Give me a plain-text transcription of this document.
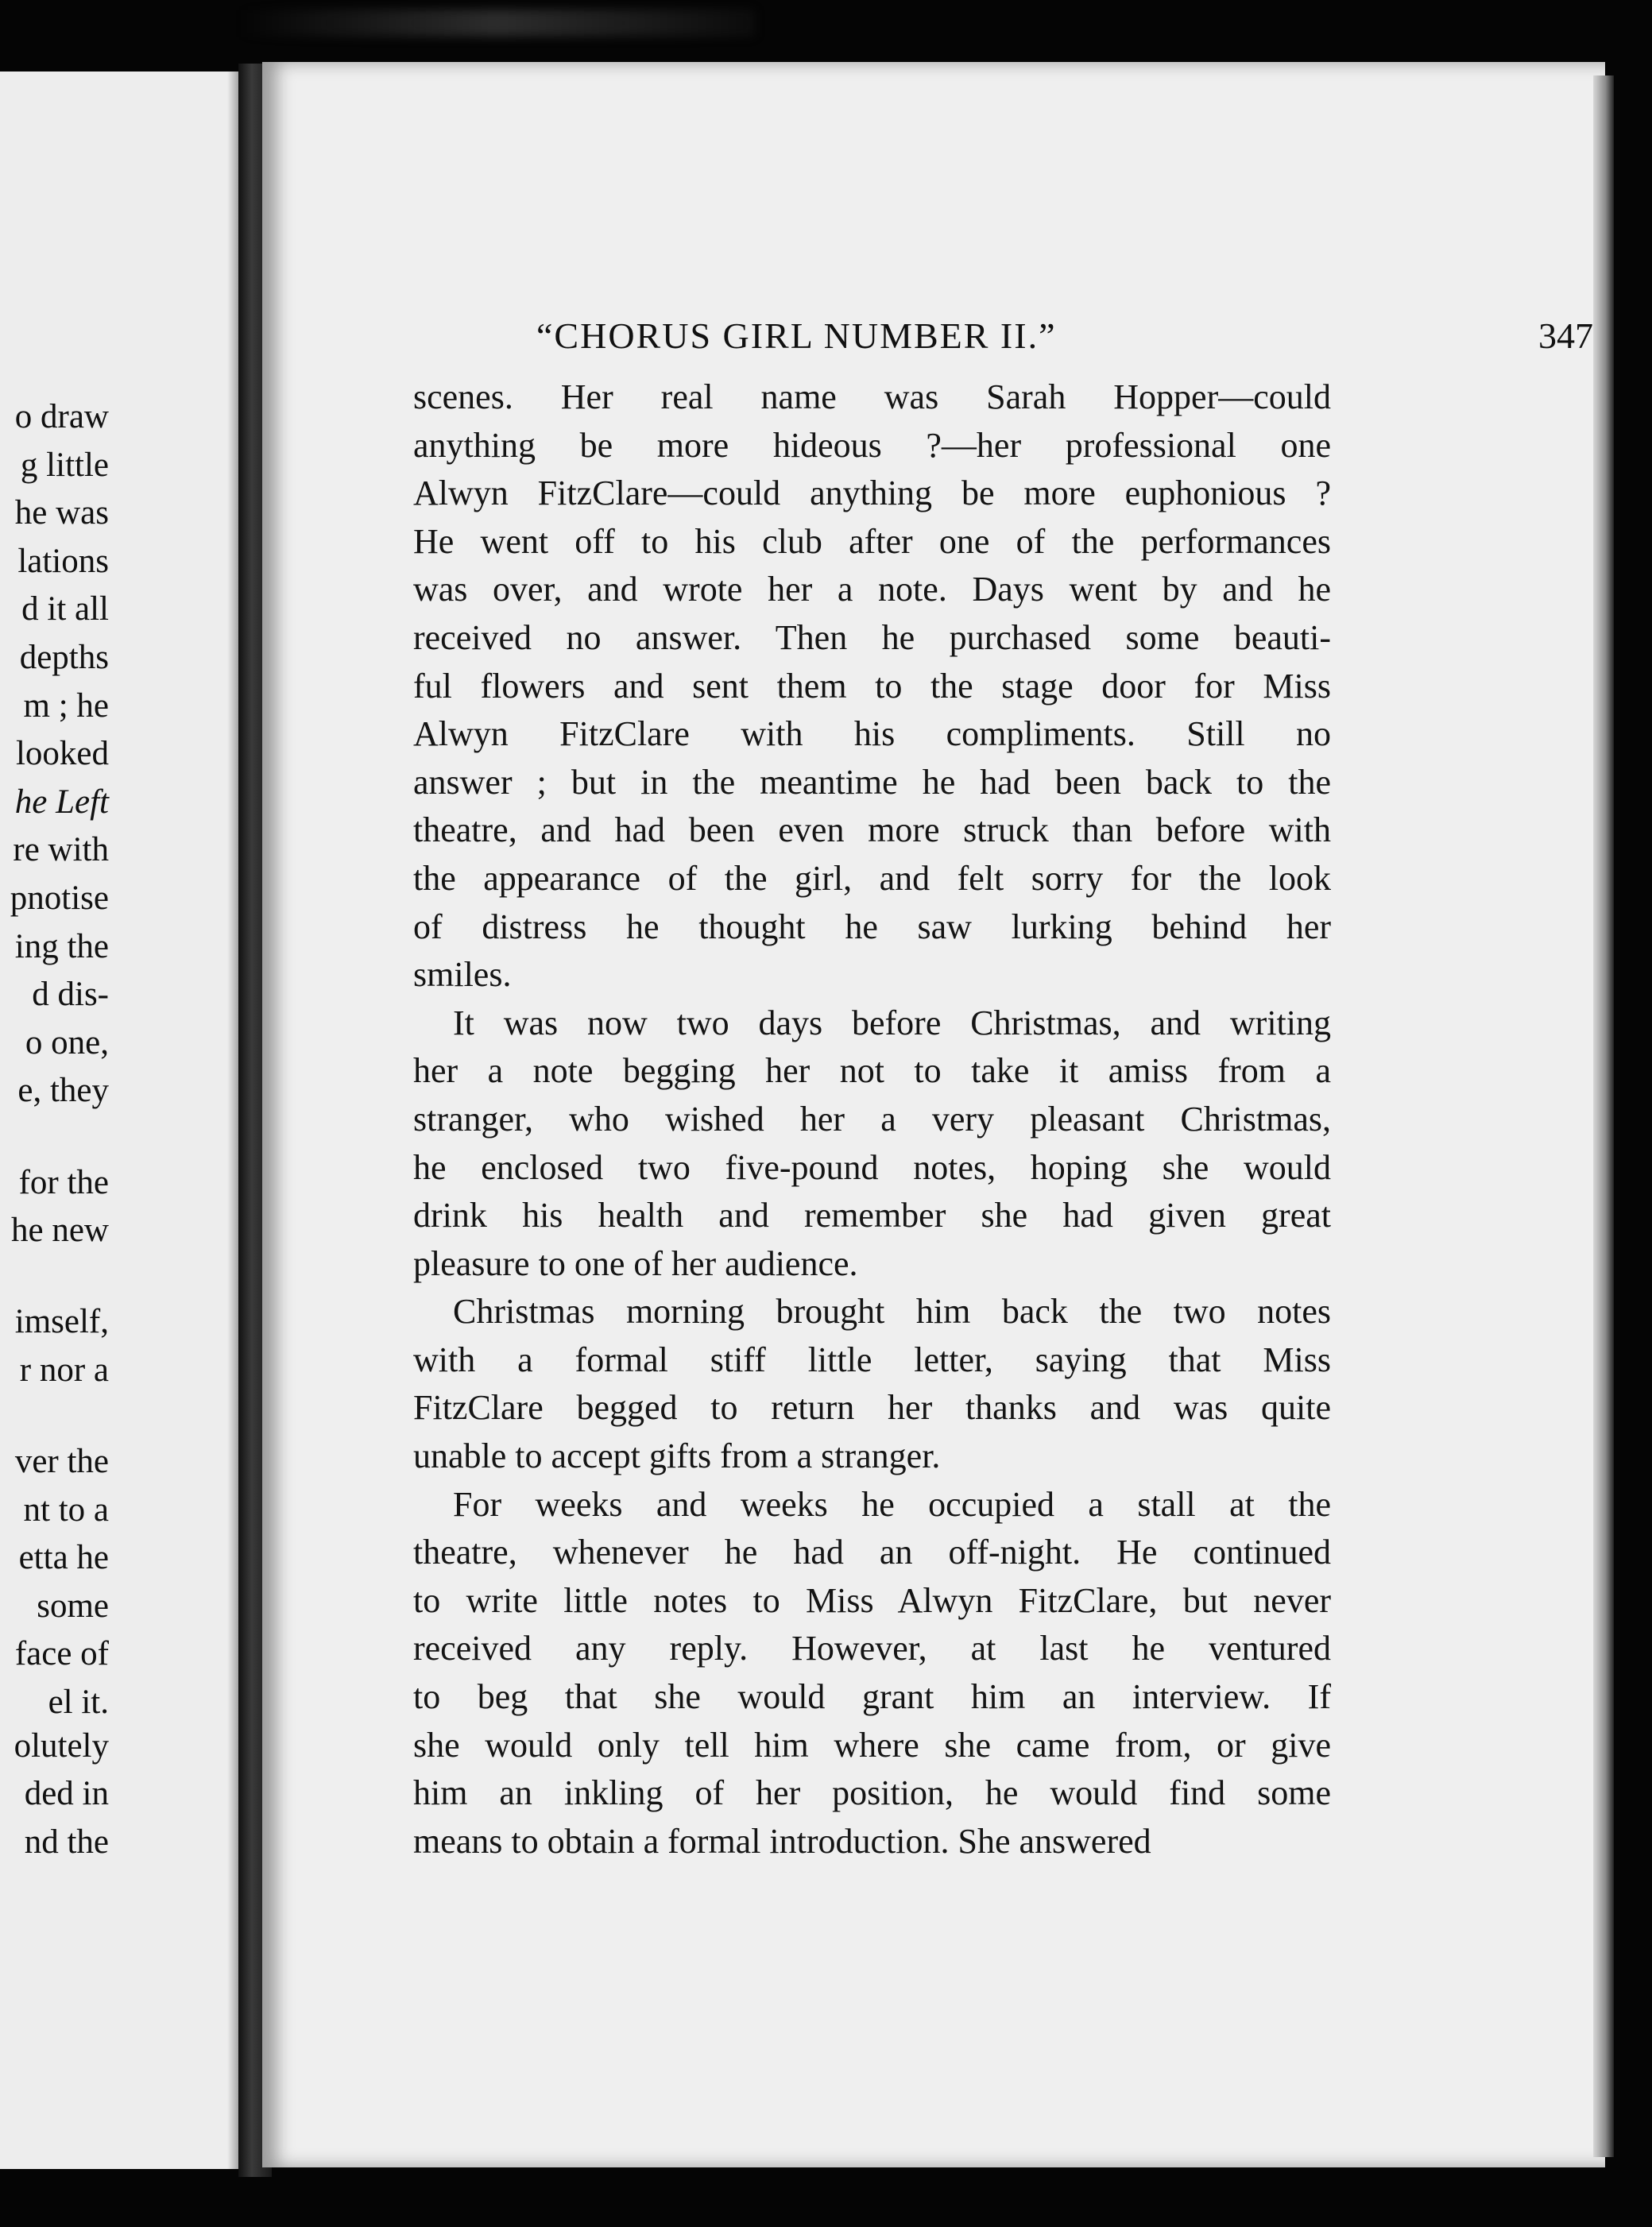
o draw
g little
he was
lations
d it all
depths
m ; he
looked
he Left
re with
pnotise
ing the
d dis-
o one,
e, they
for the
he new
imself,
r nor a
ver the
nt to a
etta he
some
face of
el it.
olutely
ded in
nd the
“CHORUS GIRL NUMBER II.”	347
scenes. Her real name was Sarah Hopper—could
anything be more hideous ?—her professional one
Alwyn FitzClare—could anything be more euphonious ?
He went off to his club after one of the performances
was over, and wrote her a note. Days went by and he
received no answer. Then he purchased some beauti-
ful flowers and sent them to the stage door for Miss
Alwyn FitzClare with his compliments. Still no
answer ; but in the meantime he had been back to the
theatre, and had been even more struck than before with
the appearance of the girl, and felt sorry for the look
of distress he thought he saw lurking behind her
smiles.
It was now two days before Christmas, and writing
her a note begging her not to take it amiss from a
stranger, who wished her a very pleasant Christmas,
he enclosed two five-pound notes, hoping she would
drink his health and remember she had given great
pleasure to one of her audience.
Christmas morning brought him back the two notes
with a formal stiff little letter, saying that Miss
FitzClare begged to return her thanks and was quite
unable to accept gifts from a stranger.
For weeks and weeks he occupied a stall at the
theatre, whenever he had an off-night. He continued
to write little notes to Miss Alwyn FitzClare, but never
received any reply. However, at last he ventured
to beg that she would grant him an interview. If
she would only tell him where she came from, or give
him an inkling of her position, he would find some
means to obtain a formal introduction. She answered
